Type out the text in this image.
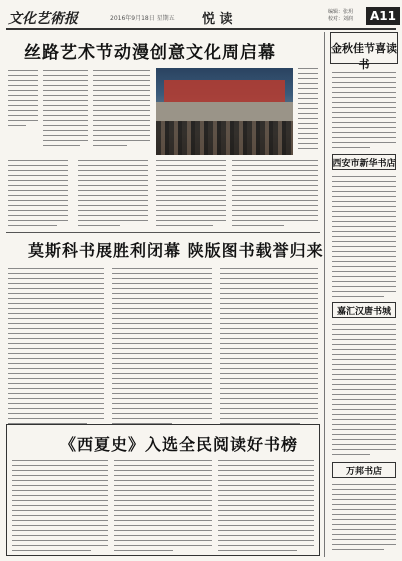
文化艺術报	2016年9月18日 星期五 悦 读	编辑：张玥
校对：刘润	A11
丝路艺术节动漫创意文化周启幕
莫斯科书展胜利闭幕 陕版图书载誉归来
《西夏史》入选全民阅读好书榜
金秋佳节喜读书
西安市新华书店
嘉汇汉唐书城
万邦书店
